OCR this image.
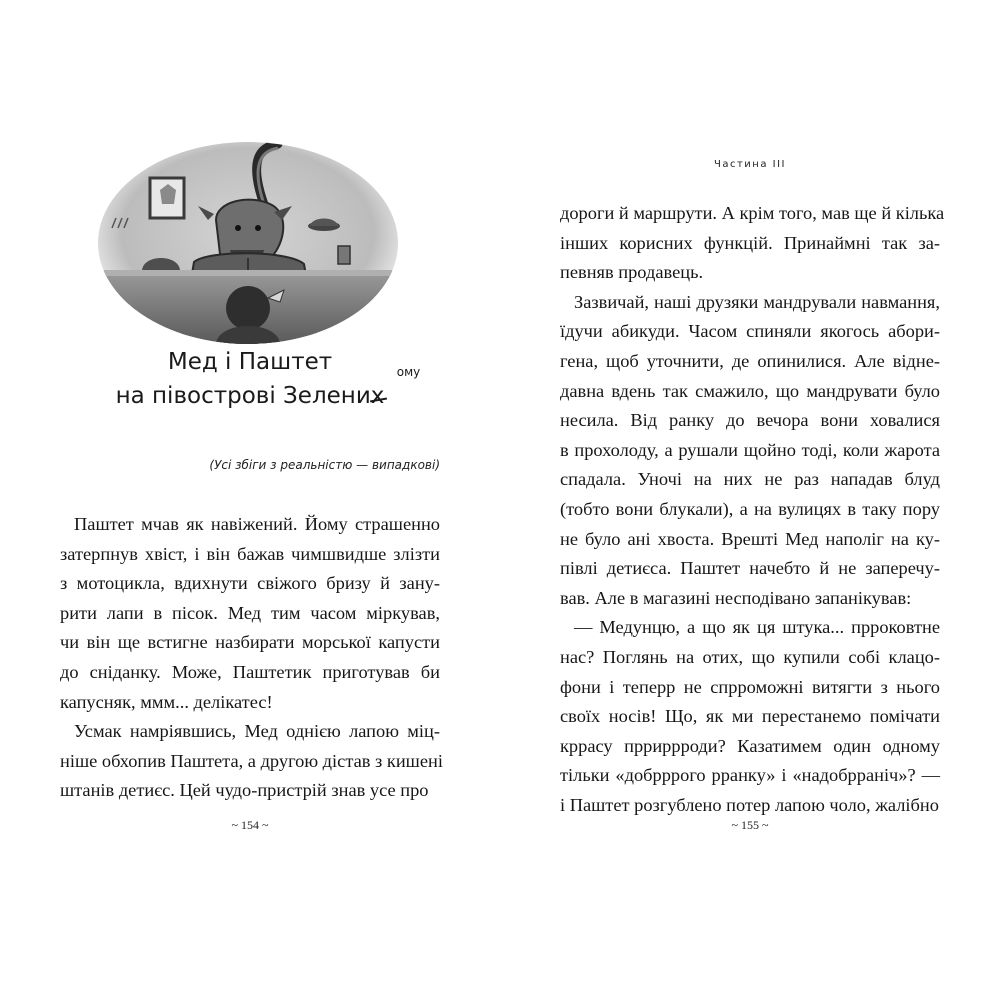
Мед і Паштет
на півострові Зелених
ому
(Усі збіги з реальністю — випадкові)

Паштет мчав як навіжений. Йому страшенно
затерпнув хвіст, і він бажав чимшвидше злізти
з мотоцикла, вдихнути свіжого бризу й зану-
рити лапи в пісок. Мед тим часом міркував,
чи він ще встигне назбирати морської капусти
до сніданку. Може, Паштетик приготував би
капусняк, ммм... делікатес!

Усмак намріявшись, Мед однією лапою міц-
ніше обхопив Паштета, а другою дістав з кишені
штанів детиєс. Цей чудо-пристрій знав усе про

~ 154 ~
Частина III

дороги й маршрути. А крім того, мав ще й кілька
інших корисних функцій. Принаймні так за-
певняв продавець.

Зазвичай, наші друзяки мандрували навмання,
їдучи абикуди. Часом спиняли якогось абори-
гена, щоб уточнити, де опинилися. Але відне-
давна вдень так смажило, що мандрувати було
несила. Від ранку до вечора вони ховалися
в прохолоду, а рушали щойно тоді, коли жарота
спадала. Уночі на них не раз нападав блуд
(тобто вони блукали), а на вулицях в таку пору
не було ані хвоста. Врешті Мед наполіг на ку-
півлі детиєса. Паштет начебто й не заперечу-
вав. Але в магазині несподівано запанікував:

— Медунцю, а що як ця штука... прроковтне
нас? Поглянь на отих, що купили собі клацо-
фони і теперр не спрроможні витягти з нього
своїх носів! Що, як ми перестанемо помічати
кррасу прриррроди? Казатимем один одному
тільки «добрррого рранку» і «надобрраніч»? —
і Паштет розгублено потер лапою чоло, жалібно

~ 155 ~
